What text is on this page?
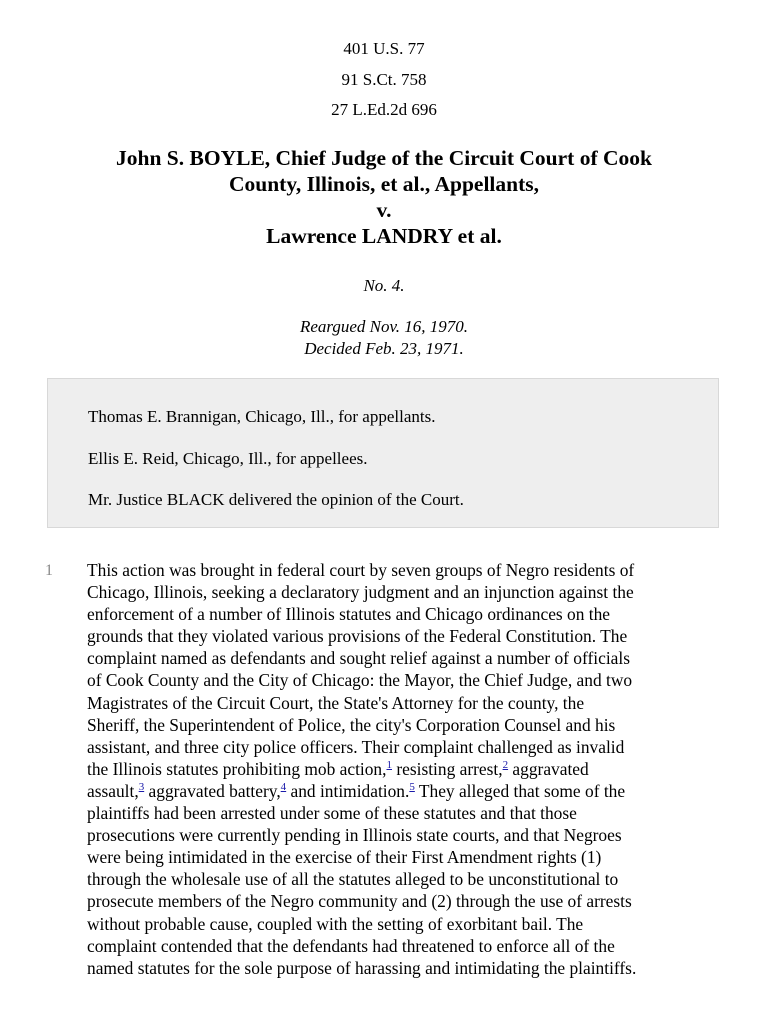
401 U.S. 77
91 S.Ct. 758
27 L.Ed.2d 696
John S. BOYLE, Chief Judge of the Circuit Court of Cook
County, Illinois, et al., Appellants,
v.
Lawrence LANDRY et al.
No. 4.
Reargued Nov. 16, 1970.
Decided Feb. 23, 1971.
Thomas E. Brannigan, Chicago, Ill., for appellants.
Ellis E. Reid, Chicago, Ill., for appellees.
Mr. Justice BLACK delivered the opinion of the Court.
1 This action was brought in federal court by seven groups of Negro residents of
Chicago, Illinois, seeking a declaratory judgment and an injunction against the
enforcement of a number of Illinois statutes and Chicago ordinances on the
grounds that they violated various provisions of the Federal Constitution. The
complaint named as defendants and sought relief against a number of officials
of Cook County and the City of Chicago: the Mayor, the Chief Judge, and two
Magistrates of the Circuit Court, the State's Attorney for the county, the
Sheriff, the Superintendent of Police, the city's Corporation Counsel and his
assistant, and three city police officers. Their complaint challenged as invalid
the Illinois statutes prohibiting mob action,$^1$ resisting arrest,$^2$ aggravated
assault,$^3$ aggravated battery,$^4$ and intimidation.$^5$ They alleged that some of the
plaintiffs had been arrested under some of these statutes and that those
prosecutions were currently pending in Illinois state courts, and that Negroes
were being intimidated in the exercise of their First Amendment rights (1)
through the wholesale use of all the statutes alleged to be unconstitutional to
prosecute members of the Negro community and (2) through the use of arrests
without probable cause, coupled with the setting of exorbitant bail. The
complaint contended that the defendants had threatened to enforce all of the
named statutes for the sole purpose of harassing and intimidating the plaintiffs.
